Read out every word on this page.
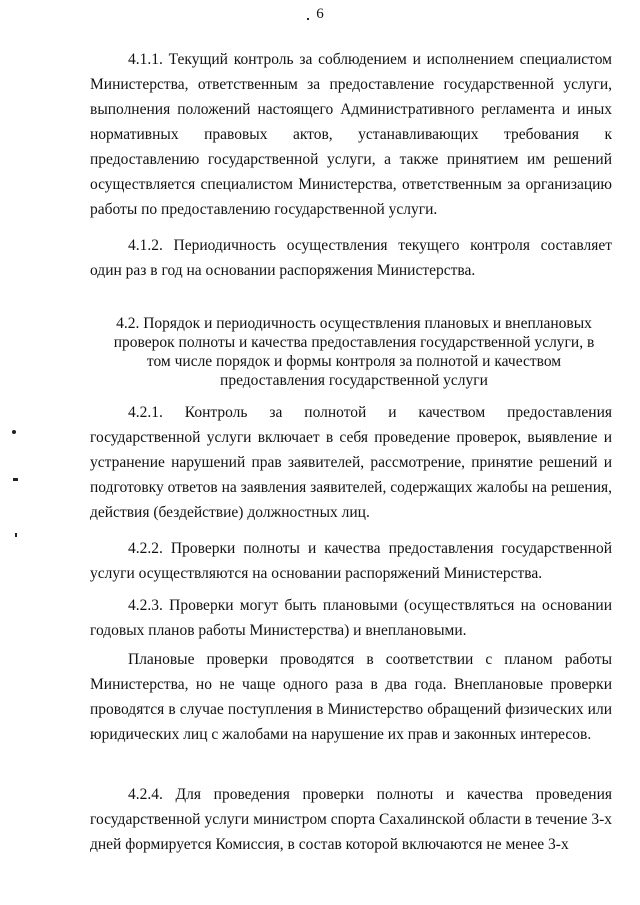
6

4.1.1. Текущий контроль за соблюдением и исполнением специалистом Министерства, ответственным за предоставление государственной услуги, выполнения положений настоящего Административного регламента и иных нормативных правовых актов, устанавливающих требования к предоставлению государственной услуги, а также принятием им решений осуществляется специалистом Министерства, ответственным за организацию работы по предоставлению государственной услуги.

4.1.2. Периодичность осуществления текущего контроля составляет один раз в год на основании распоряжения Министерства.

4.2. Порядок и периодичность осуществления плановых и внеплановых проверок полноты и качества предоставления государственной услуги, в том числе порядок и формы контроля за полнотой и качеством предоставления государственной услуги

4.2.1. Контроль за полнотой и качеством предоставления государственной услуги включает в себя проведение проверок, выявление и устранение нарушений прав заявителей, рассмотрение, принятие решений и подготовку ответов на заявления заявителей, содержащих жалобы на решения, действия (бездействие) должностных лиц.

4.2.2. Проверки полноты и качества предоставления государственной услуги осуществляются на основании распоряжений Министерства.

4.2.3. Проверки могут быть плановыми (осуществляться на основании годовых планов работы Министерства) и внеплановыми.

Плановые проверки проводятся в соответствии с планом работы Министерства, но не чаще одного раза в два года. Внеплановые проверки проводятся в случае поступления в Министерство обращений физических или юридических лиц с жалобами на нарушение их прав и законных интересов.

4.2.4. Для проведения проверки полноты и качества проведения государственной услуги министром спорта Сахалинской области в течение 3-х дней формируется Комиссия, в состав которой включаются не менее 3-х
